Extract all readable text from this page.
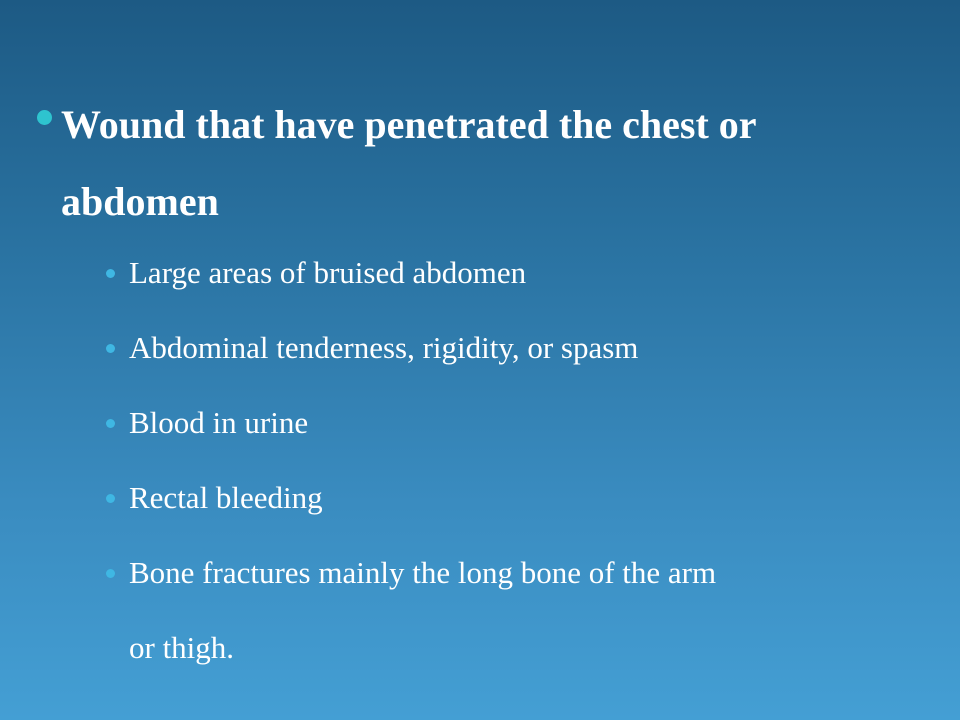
Wound that have penetrated the chest or
abdomen
Large areas of bruised abdomen
Abdominal tenderness, rigidity, or spasm
Blood in urine
Rectal bleeding
Bone fractures mainly the long bone of the arm
or thigh.
